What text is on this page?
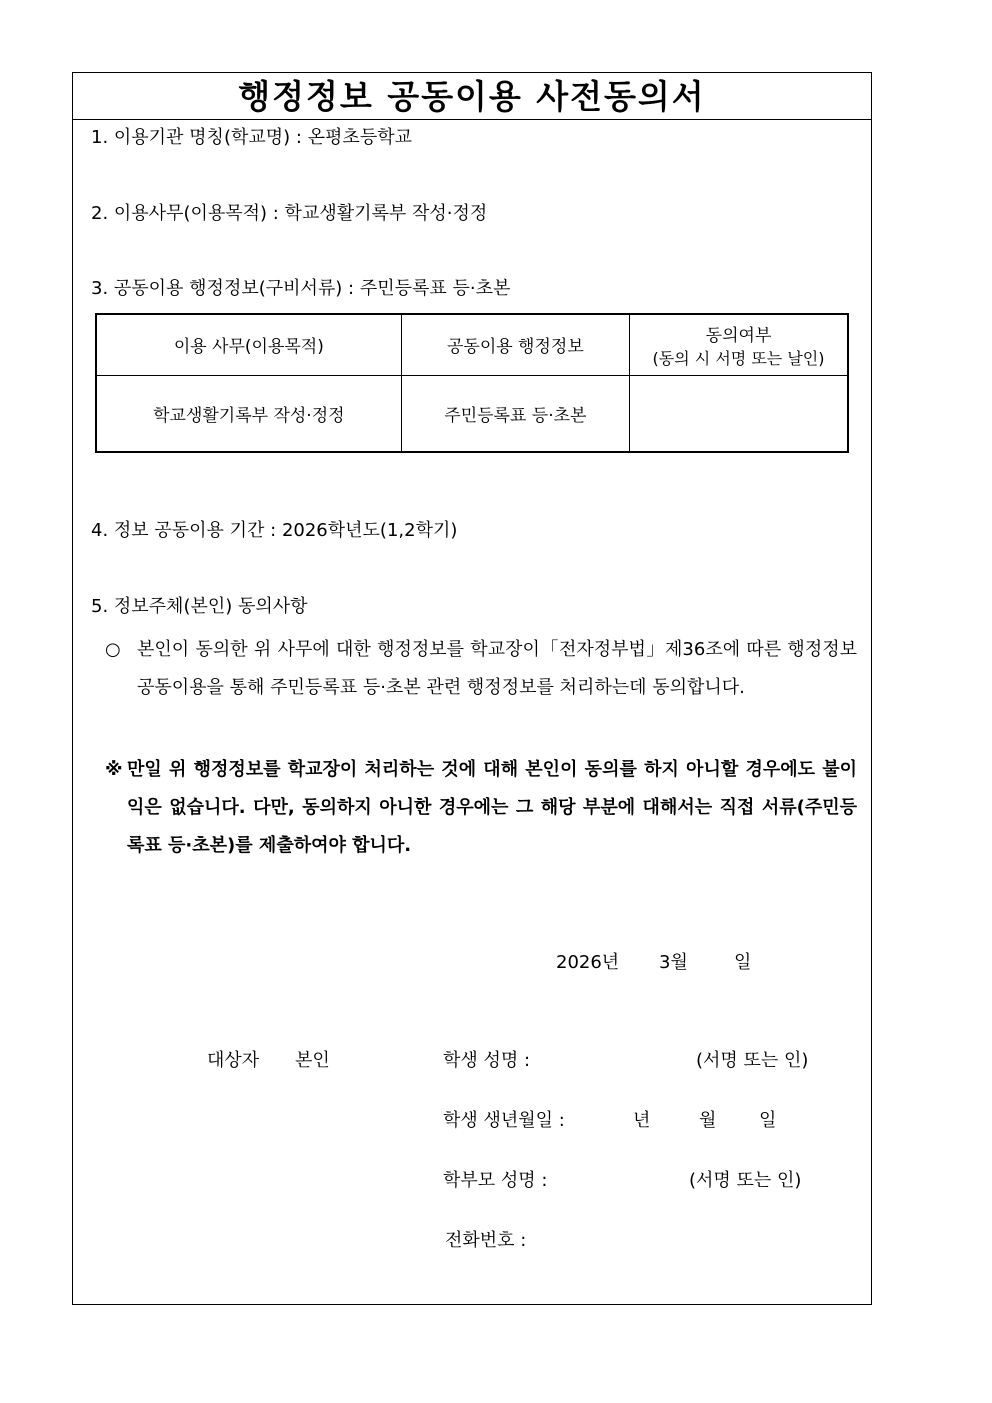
행정정보 공동이용 사전동의서
1. 이용기관 명칭(학교명) : 온평초등학교
2. 이용사무(이용목적) : 학교생활기록부 작성·정정
3. 공동이용 행정정보(구비서류) : 주민등록표 등·초본
이용 사무(이용목적)	공동이용 행정정보	동의여부
(동의 시 서명 또는 날인)

학교생활기록부 작성·정정	주민등록표 등·초본	
4. 정보 공동이용 기간 : 2026학년도(1,2학기)
5. 정보주체(본인) 동의사항
○ 본인이 동의한 위 사무에 대한 행정정보를 학교장이「전자정부법」제36조에 따른 행정정보 공동이용을 통해 주민등록표 등·초본 관련 행정정보를 처리하는데 동의합니다.
※ 만일 위 행정정보를 학교장이 처리하는 것에 대해 본인이 동의를 하지 아니할 경우에도 불이익은 없습니다. 다만, 동의하지 아니한 경우에는 그 해당 부분에 대해서는 직접 서류(주민등록표 등·초본)를 제출하여야 합니다.
2026년 3월	일
대상자 본인	학생 성명 :	(서명 또는 인)
학생 생년월일 :	년	월 일
학부모 성명 :	(서명 또는 인)
전화번호 :
